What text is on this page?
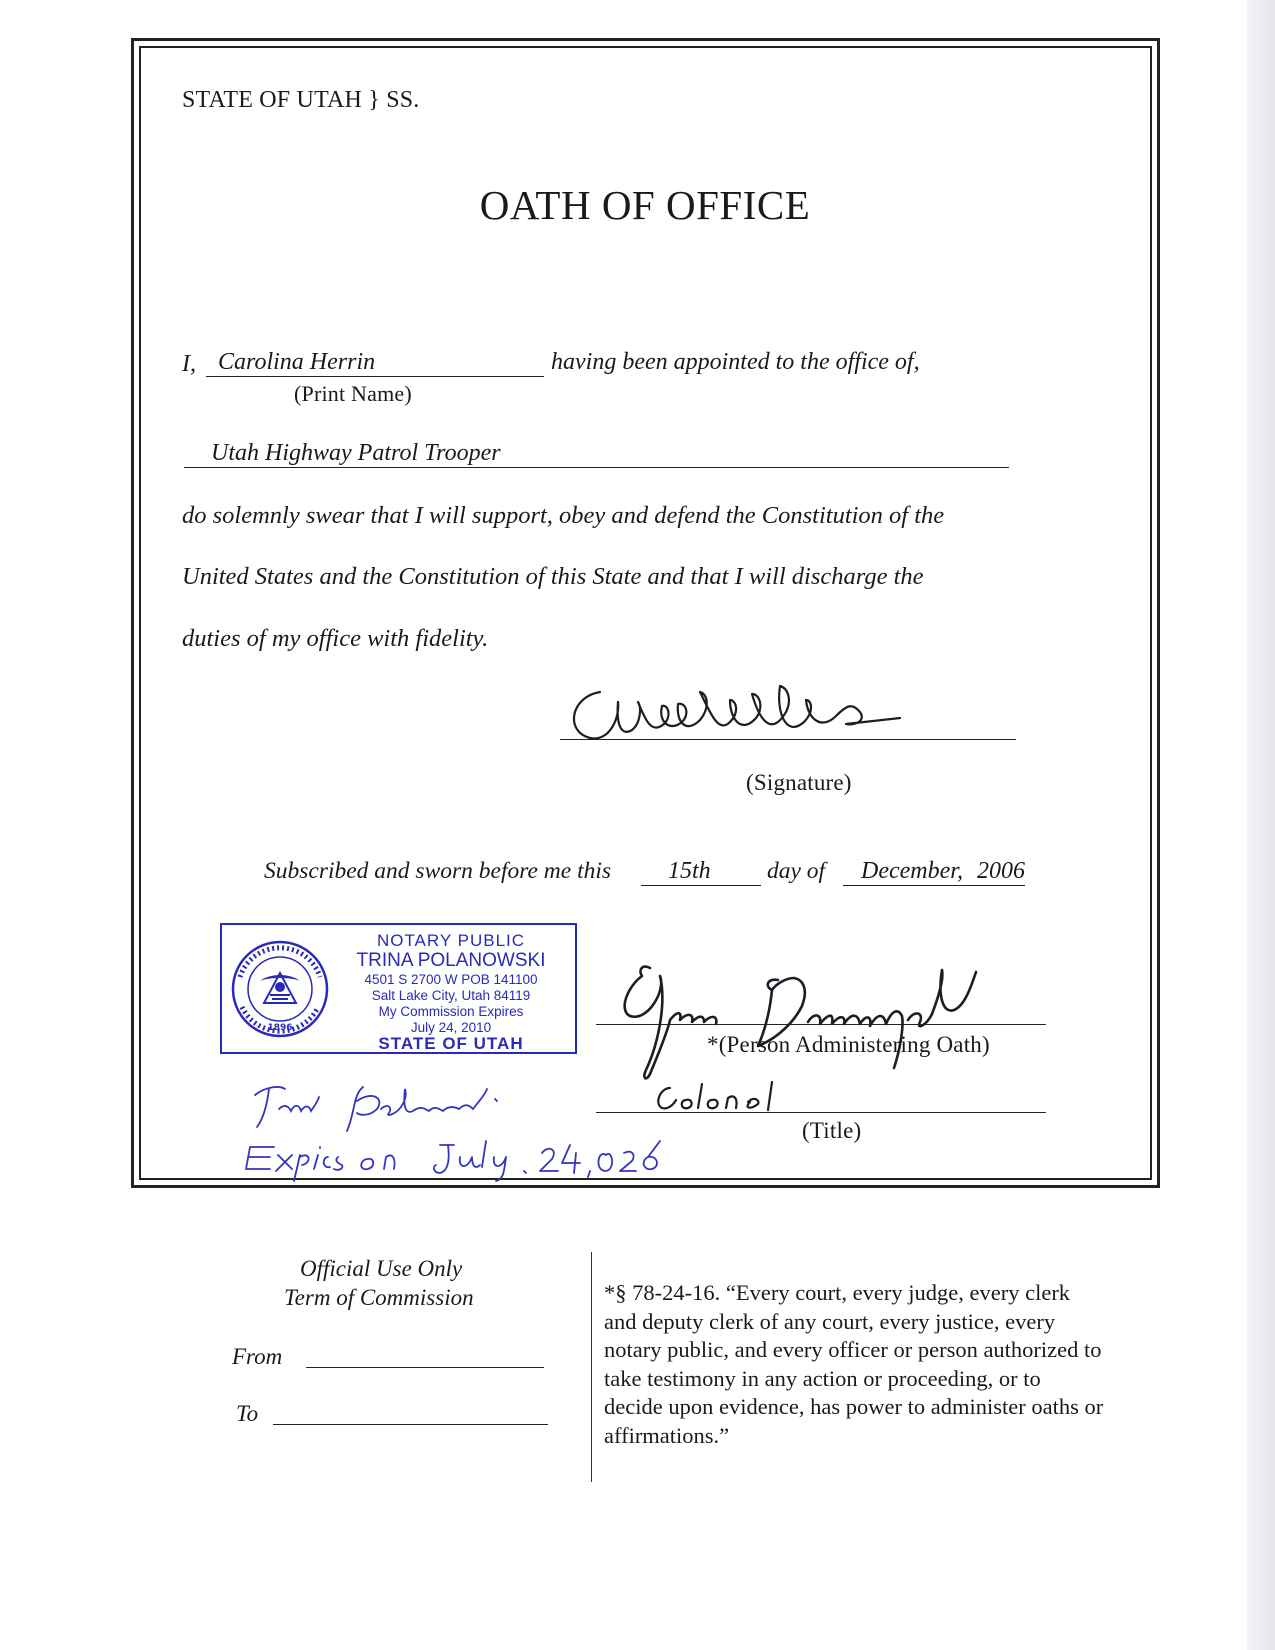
STATE OF UTAH } SS.
OATH OF OFFICE
I, Carolina Herrin	having been appointed to the office of,
(Print Name)
Utah Highway Patrol Trooper
do solemnly swear that I will support, obey and defend the Constitution of the
United States and the Constitution of this State and that I will discharge the
duties of my office with fidelity.
(Signature)
Subscribed and sworn before me this	15th	day of	December, 2006
1896
NOTARY PUBLIC
TRINA POLANOWSKI
4501 S 2700 W POB 141100
Salt Lake City, Utah 84119
My Commission Expires
July 24, 2010
STATE OF UTAH	*(Person Administering Oath)
(Title)
Official Use Only
Term of Commission
From
To
*§ 78-24-16. “Every court, every judge, every clerk and deputy clerk of any court, every justice, every notary public, and every officer or person authorized to take testimony in any action or proceeding, or to decide upon evidence, has power to administer oaths or affirmations.”
